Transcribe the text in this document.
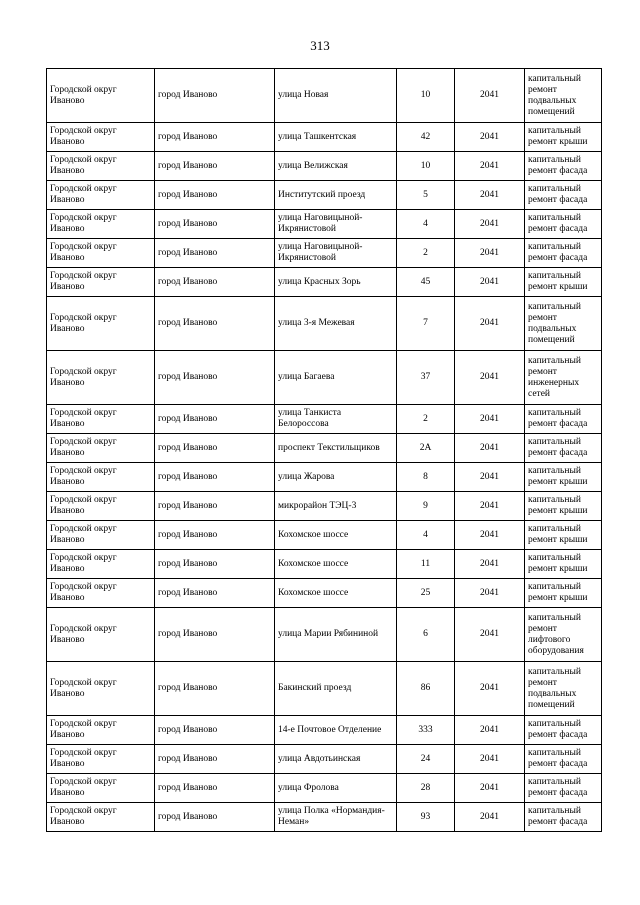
313
Городской округ Иваново	город Иваново	улица Новая	10	2041	капитальный ремонт подвальных помещений
Городской округ Иваново	город Иваново	улица Ташкентская	42	2041	капитальный ремонт крыши
Городской округ Иваново	город Иваново	улица Велижская	10	2041	капитальный ремонт фасада
Городской округ Иваново	город Иваново	Институтский проезд	5	2041	капитальный ремонт фасада
Городской округ Иваново	город Иваново	улица Наговицыной-Икрянистовой	4	2041	капитальный ремонт фасада
Городской округ Иваново	город Иваново	улица Наговицыной-Икрянистовой	2	2041	капитальный ремонт фасада
Городской округ Иваново	город Иваново	улица Красных Зорь	45	2041	капитальный ремонт крыши
Городской округ Иваново	город Иваново	улица 3-я Межевая	7	2041	капитальный ремонт подвальных помещений
Городской округ Иваново	город Иваново	улица Багаева	37	2041	капитальный ремонт инженерных сетей
Городской округ Иваново	город Иваново	улица Танкиста Белороссова	2	2041	капитальный ремонт фасада
Городской округ Иваново	город Иваново	проспект Текстильщиков	2А	2041	капитальный ремонт фасада
Городской округ Иваново	город Иваново	улица Жарова	8	2041	капитальный ремонт крыши
Городской округ Иваново	город Иваново	микрорайон ТЭЦ-3	9	2041	капитальный ремонт крыши
Городской округ Иваново	город Иваново	Кохомское шоссе	4	2041	капитальный ремонт крыши
Городской округ Иваново	город Иваново	Кохомское шоссе	11	2041	капитальный ремонт крыши
Городской округ Иваново	город Иваново	Кохомское шоссе	25	2041	капитальный ремонт крыши
Городской округ Иваново	город Иваново	улица Марии Рябининой	6	2041	капитальный ремонт лифтового оборудования
Городской округ Иваново	город Иваново	Бакинский проезд	86	2041	капитальный ремонт подвальных помещений
Городской округ Иваново	город Иваново	14-е Почтовое Отделение	333	2041	капитальный ремонт фасада
Городской округ Иваново	город Иваново	улица Авдотьинская	24	2041	капитальный ремонт фасада
Городской округ Иваново	город Иваново	улица Фролова	28	2041	капитальный ремонт фасада
Городской округ Иваново	город Иваново	улица Полка «Нормандия-Неман»	93	2041	капитальный ремонт фасада
